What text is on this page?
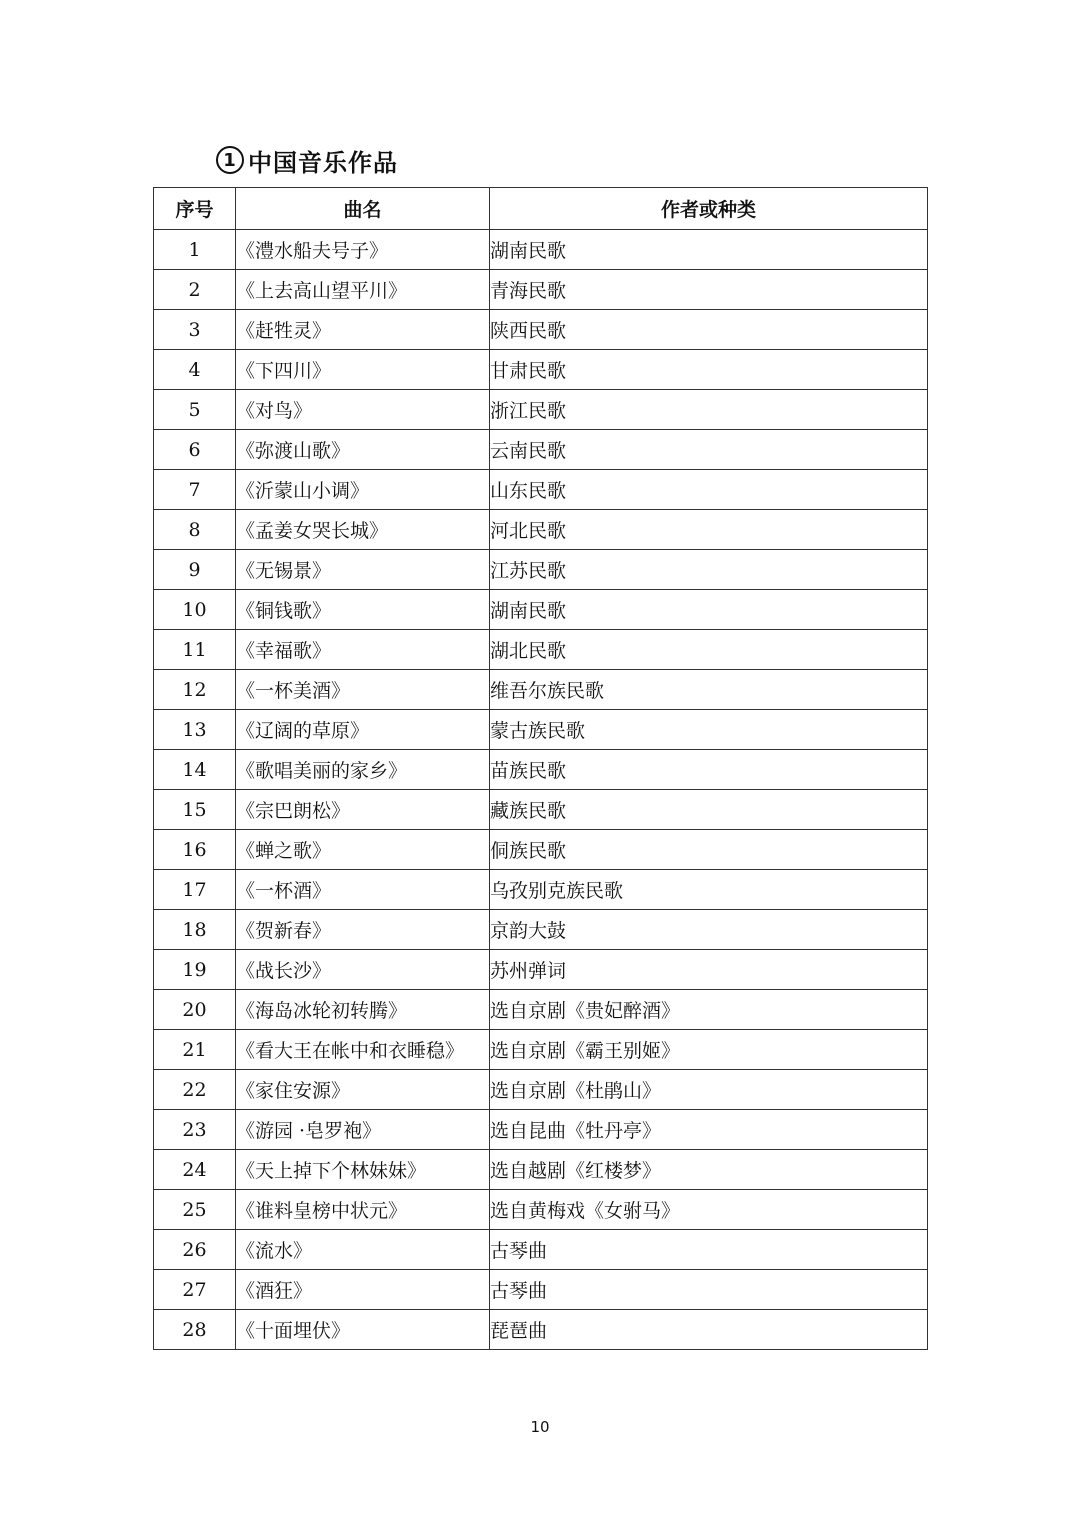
1 中国音乐作品
序号	曲名	作者或种类
1	《澧水船夫号子》	湖南民歌
2	《上去高山望平川》	青海民歌
3	《赶牲灵》	陕西民歌
4	《下四川》	甘肃民歌
5	《对鸟》	浙江民歌
6	《弥渡山歌》	云南民歌
7	《沂蒙山小调》	山东民歌
8	《孟姜女哭长城》	河北民歌
9	《无锡景》	江苏民歌
10	《铜钱歌》	湖南民歌
11	《幸福歌》	湖北民歌
12	《一杯美酒》	维吾尔族民歌
13	《辽阔的草原》	蒙古族民歌
14	《歌唱美丽的家乡》	苗族民歌
15	《宗巴朗松》	藏族民歌
16	《蝉之歌》	侗族民歌
17	《一杯酒》	乌孜别克族民歌
18	《贺新春》	京韵大鼓
19	《战长沙》	苏州弹词
20	《海岛冰轮初转腾》	选自京剧《贵妃醉酒》
21	《看大王在帐中和衣睡稳》	选自京剧《霸王别姬》
22	《家住安源》	选自京剧《杜鹃山》
23	《游园 ·皂罗袍》	选自昆曲《牡丹亭》
24	《天上掉下个林妹妹》	选自越剧《红楼梦》
25	《谁料皇榜中状元》	选自黄梅戏《女驸马》
26	《流水》	古琴曲
27	《酒狂》	古琴曲
28	《十面埋伏》	琵琶曲
10
